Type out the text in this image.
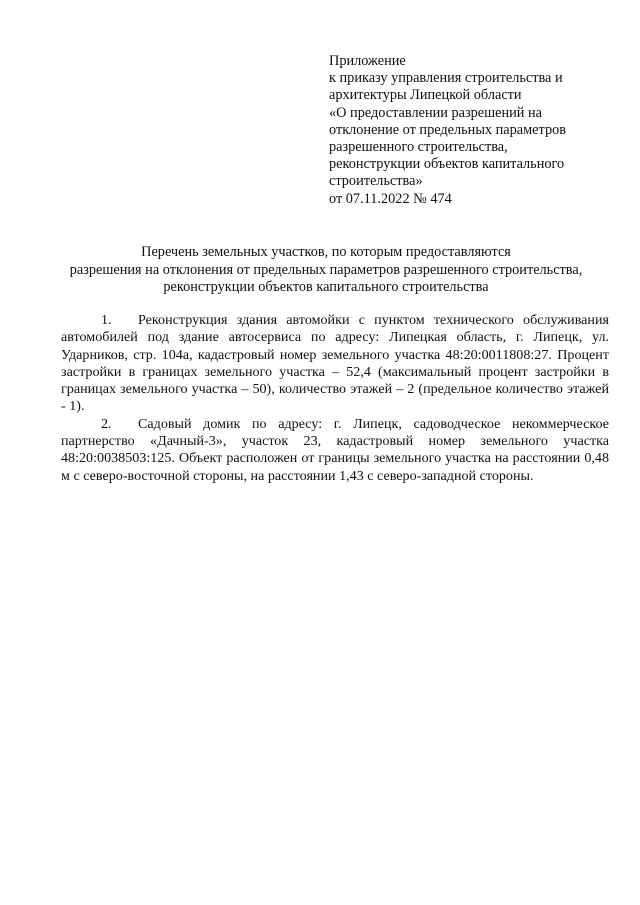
Приложение
к приказу управления строительства и
архитектуры Липецкой области
«О предоставлении разрешений на
отклонение от предельных параметров
разрешенного строительства,
реконструкции объектов капитального
строительства»
от 07.11.2022 № 474
Перечень земельных участков, по которым предоставляются
разрешения на отклонения от предельных параметров разрешенного строительства,
реконструкции объектов капитального строительства

1. Реконструкция здания автомойки с пунктом технического обслуживания автомобилей под здание автосервиса по адресу: Липецкая область, г. Липецк, ул. Ударников, стр. 104а, кадастровый номер земельного участка 48:20:0011808:27. Процент застройки в границах земельного участка – 52,4 (максимальный процент застройки в границах земельного участка – 50), количество этажей – 2 (предельное количество этажей - 1).

2. Садовый домик по адресу: г. Липецк, садоводческое некоммерческое партнерство «Дачный-3», участок 23, кадастровый номер земельного участка 48:20:0038503:125. Объект расположен от границы земельного участка на расстоянии 0,48 м с северо-восточной стороны, на расстоянии 1,43 с северо-западной стороны.
